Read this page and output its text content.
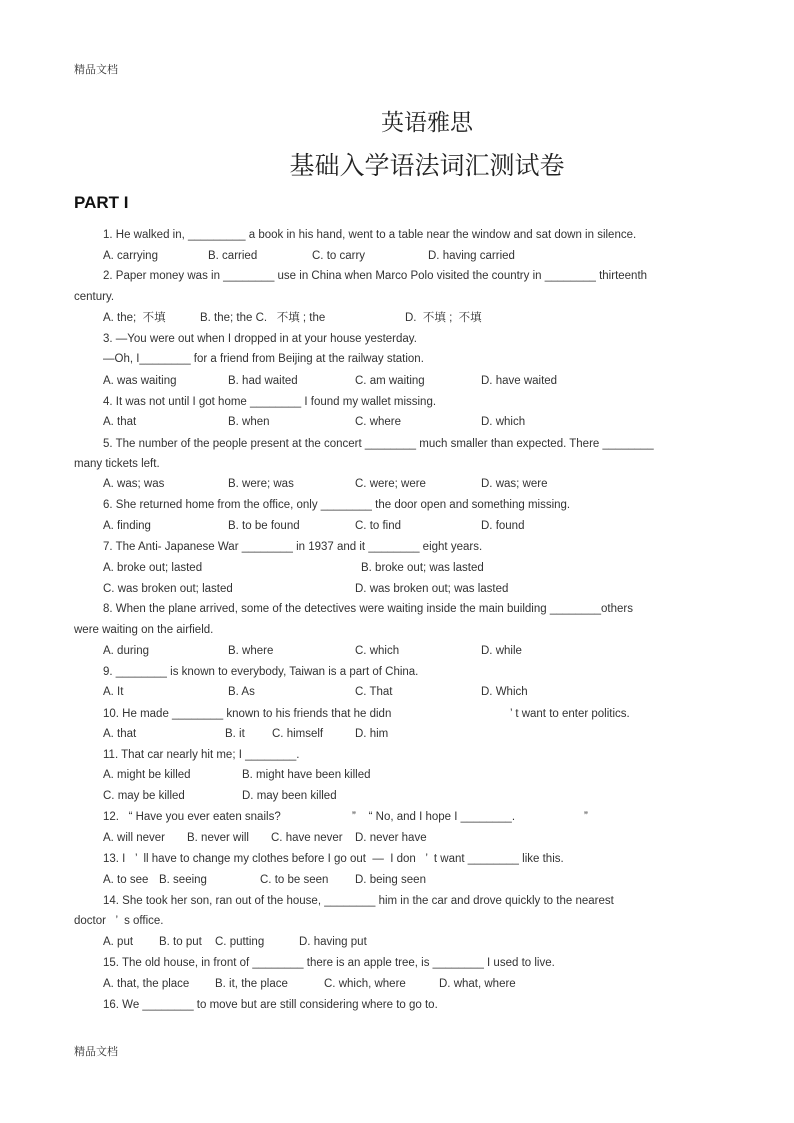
精品文档
英语雅思
基础入学语法词汇测试卷
PART I
1. He walked in, _________ a book in his hand, went to a table near the window and sat down in silence.
A. carrying	B. carried	C. to carry	D. having carried
2. Paper money was in ________ use in China when Marco Polo visited the country in ________ thirteenth
century.
A. the;  不填	B. the; the C.   不填 ; the	D.  不填 ;  不填
3. —You were out when I dropped in at your house yesterday.
—Oh, I________ for a friend from Beijing at the railway station.
A. was waiting	B. had waited	C. am waiting	D. have waited
4. It was not until I got home ________ I found my wallet missing.
A. that	B. when	C. where	D. which
5. The number of the people present at the concert ________ much smaller than expected. There ________
many tickets left.
A. was; was	B. were; was	C. were; were	D. was; were
6. She returned home from the office, only ________ the door open and something missing.
A. finding	B. to be found	C. to find	D. found
7. The Anti- Japanese War ________ in 1937 and it ________ eight years.
A. broke out; lasted	B. broke out; was lasted
C. was broken out; lasted	D. was broken out; was lasted
8. When the plane arrived, some of the detectives were waiting inside the main building ________others
were waiting on the airfield.
A. during	B. where	C. which	D. while
9. ________ is known to everybody, Taiwan is a part of China.
A. It	B. As	C. That	D. Which
10. He made ________ known to his friends that he didn	’ t want to enter politics.
A. that	B. it C. himself	D. him
11. That car nearly hit me; I ________.
A. might be killed	B. might have been killed
C. may be killed	D. may been killed
12.   “ Have you ever eaten snails?	”    “ No, and I hope I ________.	”
A. will never B. never will C. have never D. never have
13. I   ’  ll have to change my clothes before I go out  —  I don   ’  t want ________ like this.
A. to see B. seeing	C. to be seen D. being seen
14. She took her son, ran out of the house, ________ him in the car and drove quickly to the nearest
doctor   ’  s office.
A. put B. to put C. putting	D. having put
15. The old house, in front of ________ there is an apple tree, is ________ I used to live.
A. that, the place B. it, the place	C. which, where	D. what, where
16. We ________ to move but are still considering where to go to.
精品文档
